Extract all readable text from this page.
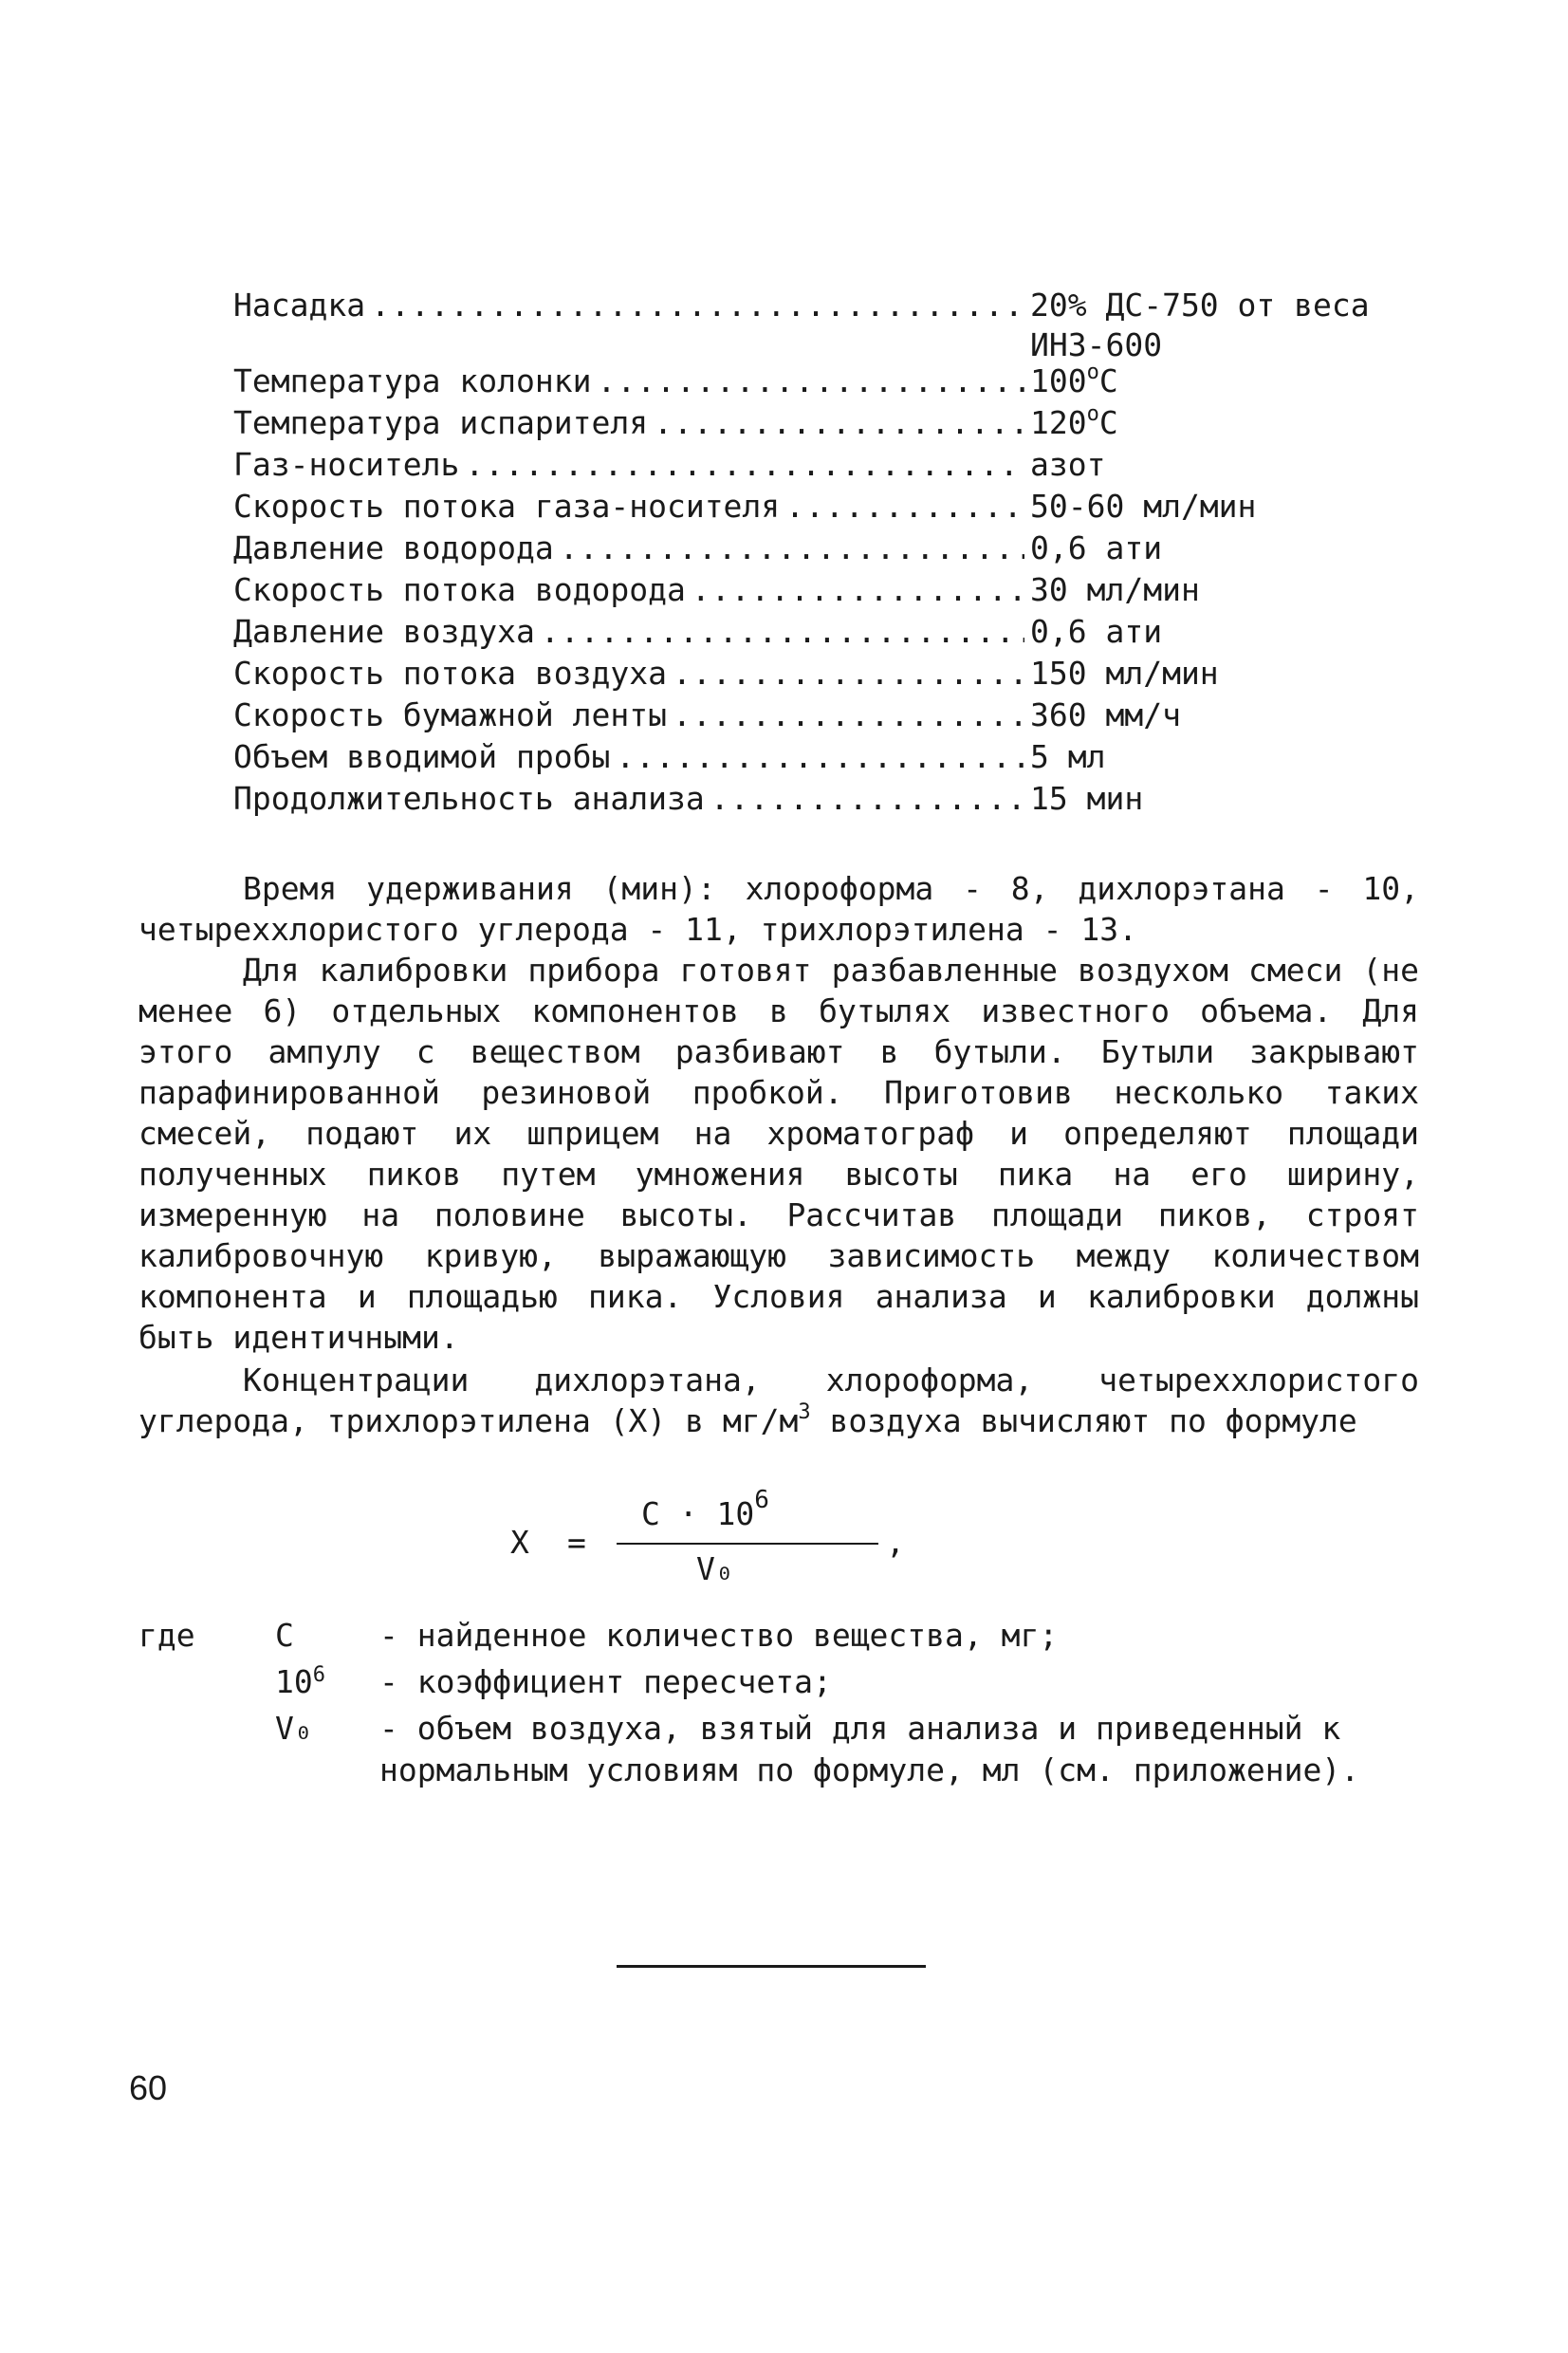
Насадка .....	20% ДС-750 от веса
ИНЗ-600
Температура колонки .....	100$^o$C
Температура испарителя .....	120$^o$C
Газ-носитель .....	азот
Скорость потока газа-носителя .....	50-60 мл/мин
Давление водорода .....	0,6 ати
Скорость потока водорода .....	30 мл/мин
Давление воздуха .....	0,6 ати
Скорость потока воздуха .....	150 мл/мин
Скорость бумажной ленты .....	360 мм/ч
Объем вводимой пробы .....	5 мл
Продолжительность анализа .....	15 мин

Время удерживания (мин): хлороформа - 8, дихлорэтана - 10, четыреххлористого углерода - 11, трихлорэтилена - 13.

Для калибровки прибора готовят разбавленные воздухом смеси (не менее 6) отдельных компонентов в бутылях известного объема. Для этого ампулу с веществом разбивают в бутыли. Бутыли закрывают парафинированной резиновой пробкой. Приготовив несколько таких смесей, подают их шприцем на хроматограф и определяют площади полученных пиков путем умножения высоты пика на его ширину, измеренную на половине высоты. Рассчитав площади пиков, строят калибровочную кривую, выражающую зависимость между количеством компонента и площадью пика. Условия анализа и калибровки должны быть идентичными.

Концентрации дихлорэтана, хлороформа, четыреххлористого углерода, трихлорэтилена (X) в $мг/м^3$ воздуха вычисляют по формуле

X =
$C \cdot 10^6$
V₀
,
где	C	- найденное количество вещества, мг;
$10^6$	- коэффициент пересчета;
V₀	- объем воздуха, взятый для анализа и приведенный к нормальным условиям по формуле, мл (см. приложение).
60
